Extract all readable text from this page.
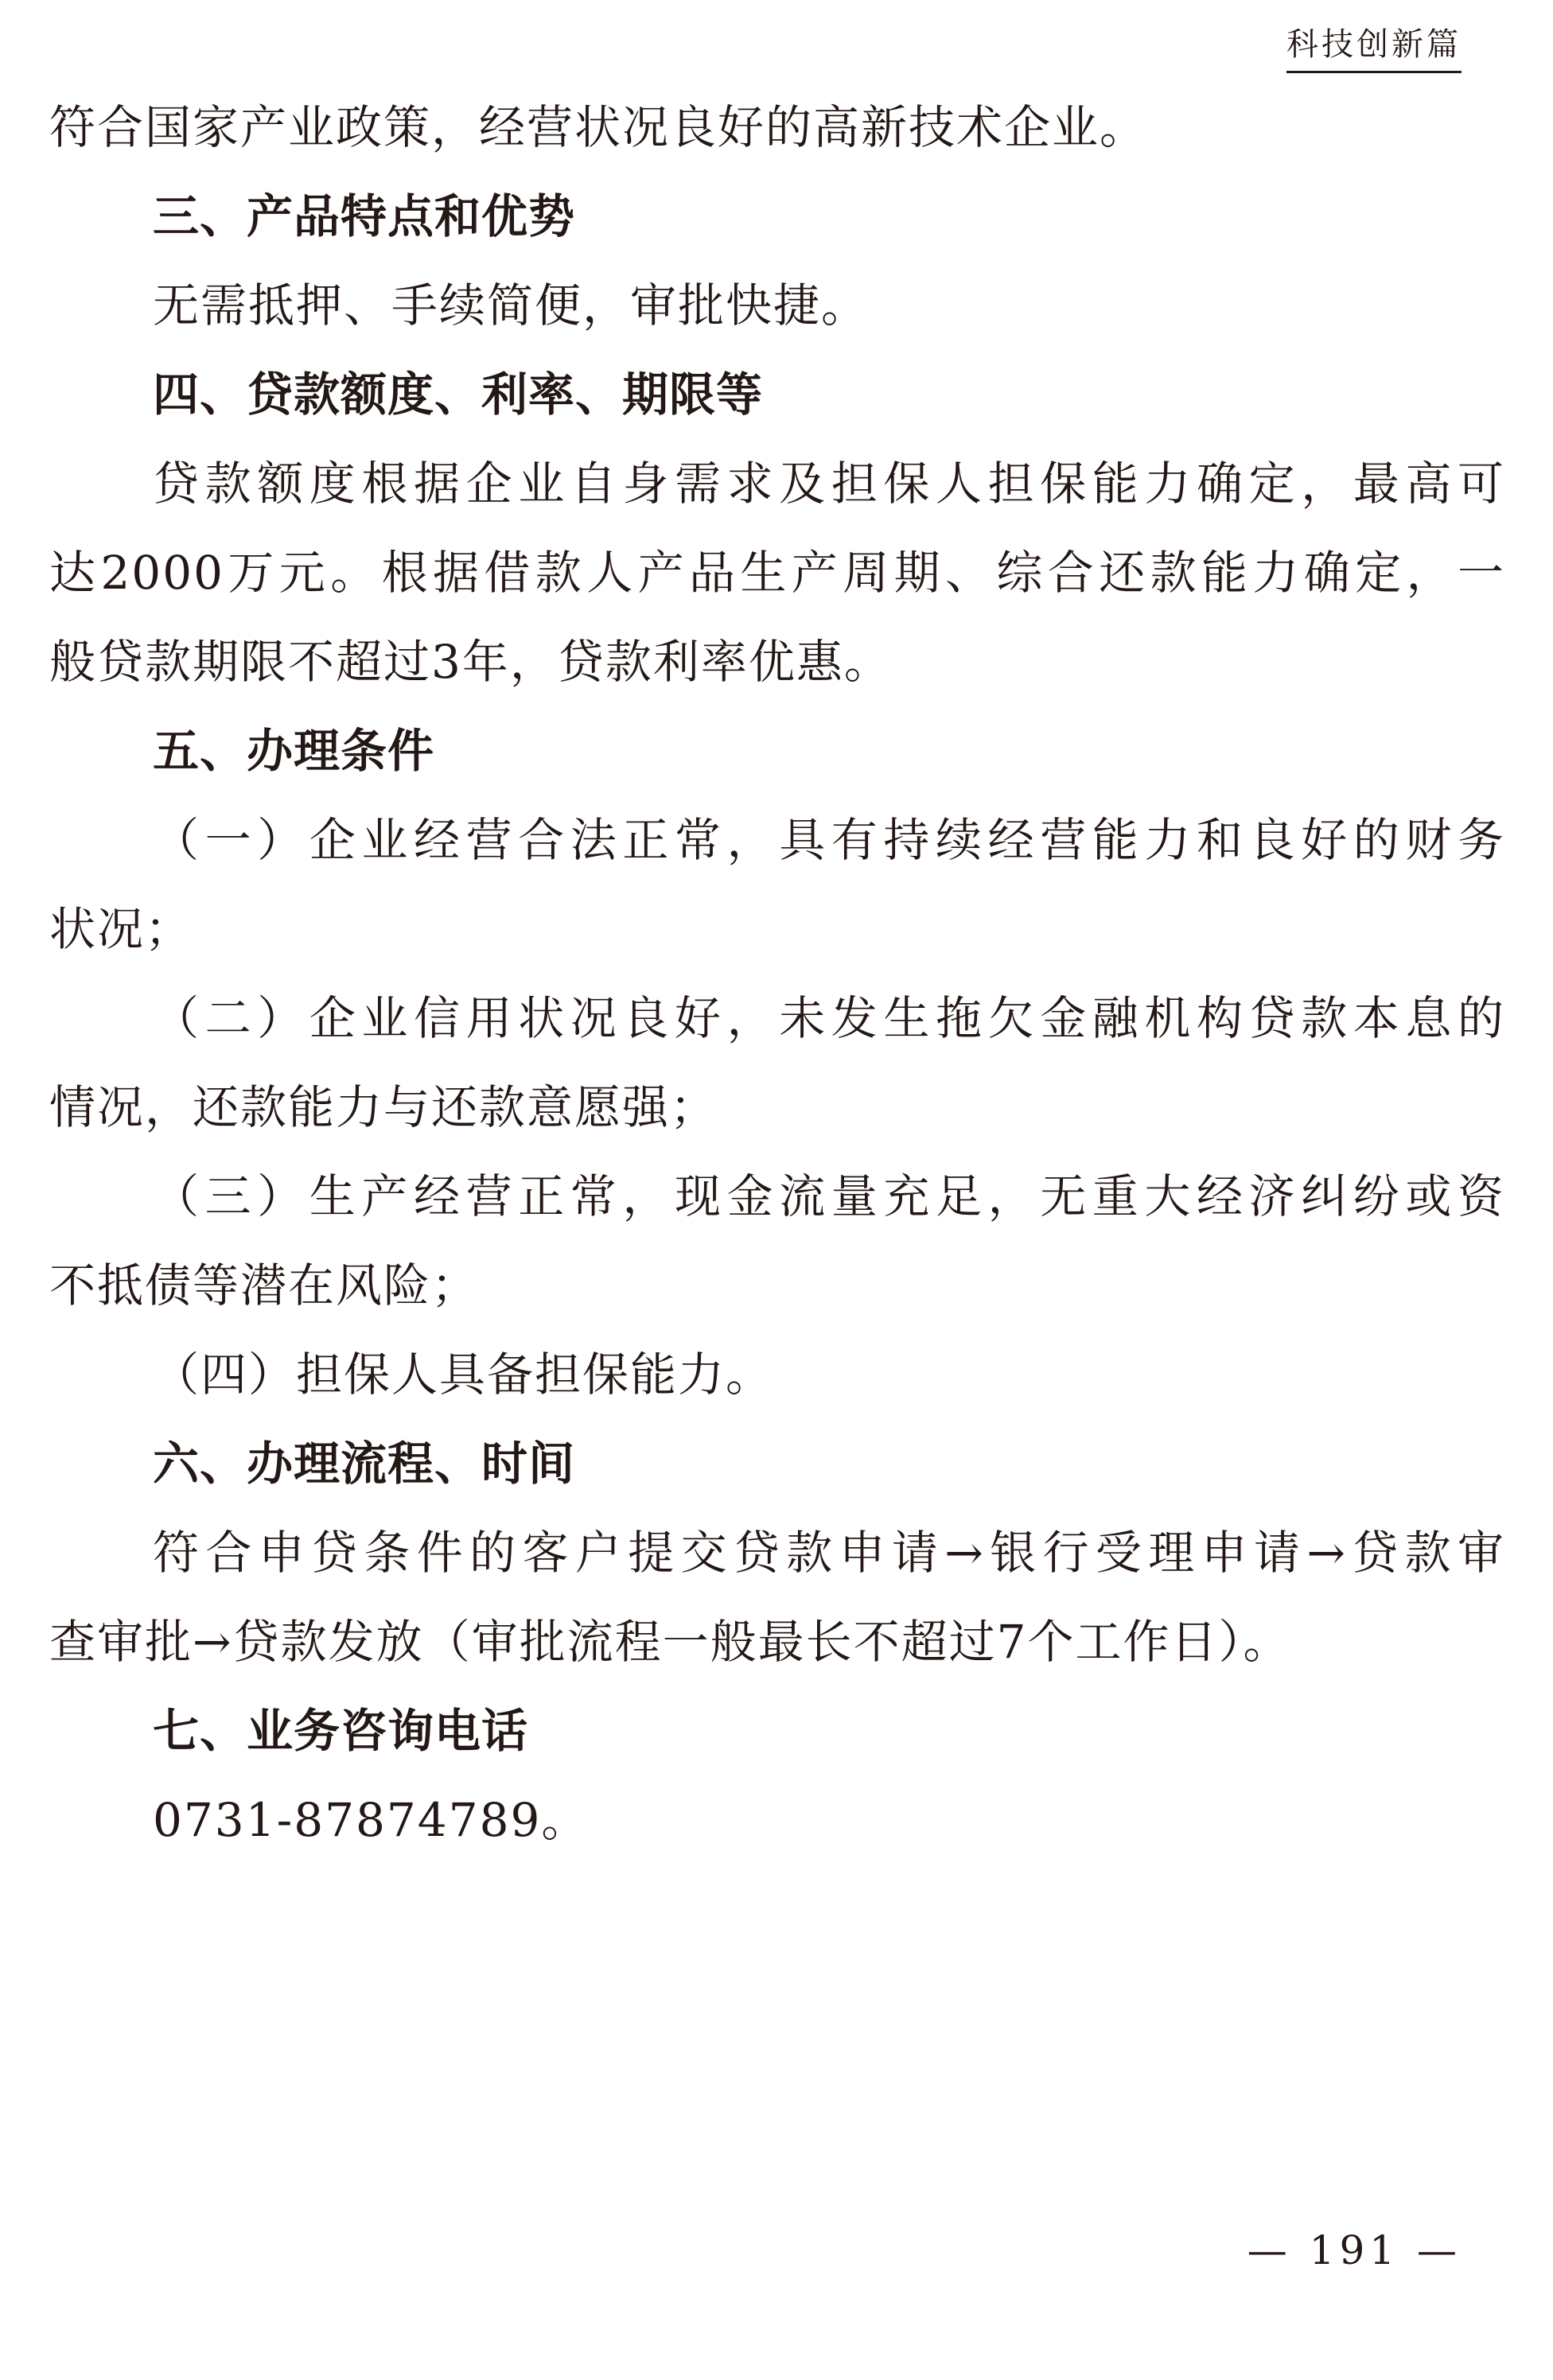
科技创新篇
符合国家产业政策，经营状况良好的高新技术企业。
三、产品特点和优势
无需抵押、手续简便，审批快捷。
四、贷款额度、利率、期限等
贷款额度根据企业自身需求及担保人担保能力确定，最高可
达2000万元。根据借款人产品生产周期、综合还款能力确定，一
般贷款期限不超过3年，贷款利率优惠。
五、办理条件
（一）企业经营合法正常，具有持续经营能力和良好的财务
状况；
（二）企业信用状况良好，未发生拖欠金融机构贷款本息的
情况，还款能力与还款意愿强；
（三）生产经营正常，现金流量充足，无重大经济纠纷或资
不抵债等潜在风险；
（四）担保人具备担保能力。
六、办理流程、时间
符合申贷条件的客户提交贷款申请→银行受理申请→贷款审
查审批→贷款发放（审批流程一般最长不超过7个工作日）。
七、业务咨询电话
0731-87874789。
— 191 —
